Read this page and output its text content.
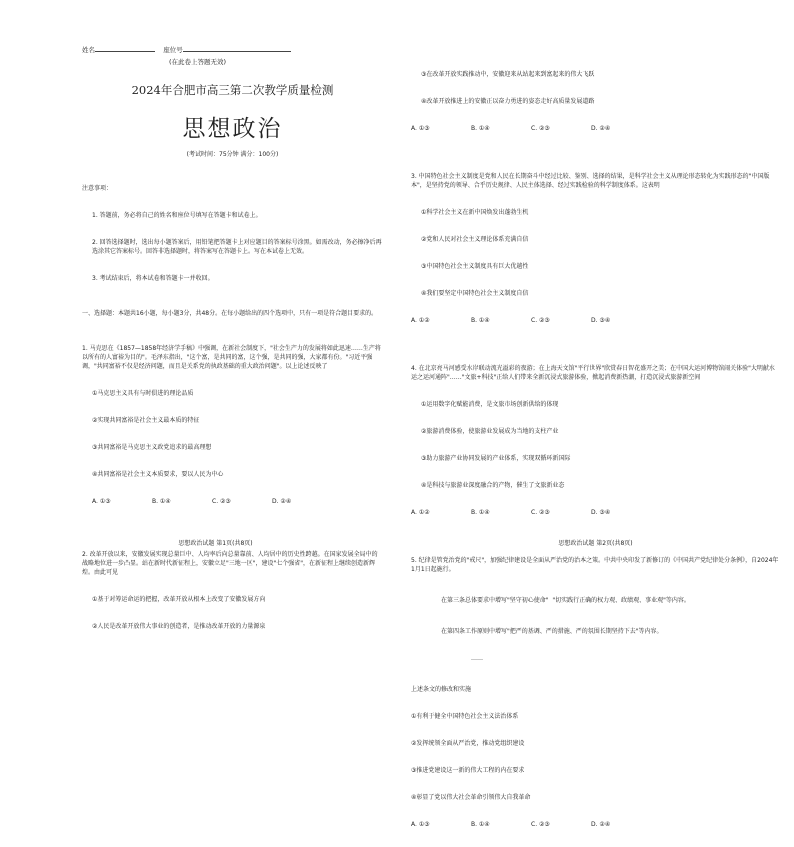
姓名	座位号
(在此卷上答题无效)
2024年合肥市高三第二次教学质量检测
思想政治
(考试时间：75分钟 满分：100分)

注意事项：

1. 答题前，务必将自己的姓名和座位号填写在答题卡和试卷上。

2. 回答选择题时，选出每小题答案后，用铅笔把答题卡上对应题目的答案标号涂黑。如需改动，务必擦净后再选涂其它答案标号。回答非选择题时，将答案写在答题卡上。写在本试卷上无效。

3. 考试结束后，将本试卷和答题卡一并收回。

一、选择题：本题共16小题，每小题3分，共48分。在每小题给出的四个选项中，只有一项是符合题目要求的。

1. 马克思在《1857—1858年经济学手稿》中强调，在新社会制度下，"社会生产力的发展将如此迅速……生产将以所有的人富裕为目的"。毛泽东指出，"这个富，是共同的富，这个强，是共同的强，大家都有份。"习近平强调，"共同富裕不仅是经济问题，而且是关系党的执政基础的重大政治问题"。以上论述反映了

①马克思主义具有与时俱进的理论品质

②实现共同富裕是社会主义最本质的特征

③共同富裕是马克思主义政党追求的最高理想

④共同富裕是社会主义本质要求，要以人民为中心

A. ①③	B. ①④	C. ②③	D. ②④

2. 改革开放以来，安徽发展实现总量巨中、人均率后向总量靠前、人均居中的历史性跨越。在国家发展全局中的战略地位进一步凸显。站在新时代新征程上，安徽立足"三地一区"，建设"七个强省"，在新征程上继续创造新辉煌。由此可见

①基于对筹运命运的把握，改革开放从根本上改变了安徽发展方向

②人民是改革开放伟大事业的创造者，是推动改革开放的力量源泉

思想政治试题 第1页(共8页)

③在改革开放实践推动中，安徽迎来从站起来到富起来的伟大飞跃

④改革开放推进上的安徽正以奋力勇进的姿态走好高质量发展道路

A. ①③	B. ①④	C. ②③	D. ②④

3. 中国特色社会主义制度是党和人民在长期奋斗中经过比较、鉴别、选择的结果，是科学社会主义从理论形态转化为实践形态的"中国版本"，是坚持党的领导、合乎历史规律、人民主体选择、经过实践检验的科学制度体系。这表明

①科学社会主义在新中国焕发出蓬勃生机

②党和人民对社会主义理论体系充满自信

③中国特色社会主义制度具有巨大优越性

④我们要坚定中国特色社会主义制度自信

A. ①②	B. ①④	C. ②③	D. ③④

4. 在北京亮马河感受水岸联动流光溢彩的夜游；在上海天文馆"平行世界"欣赏春日智花盛开之美；在中国大运河博物馆闹关体验"大明献水运之运河通阵"……"文旅+科技"正给人们带来全新沉浸式旅游体验，掀起消费新热潮，打造沉浸式旅游新空间

①运用数字化赋能消费，是文旅市场创新供给的体现

②旅游消费体验，使旅游业发展成为当地的支柱产业

③助力旅游产业协同发展的产业体系，实现双循环新国际

④是科技与旅游业深度融合的产物，催生了文旅新业态

A. ①②	B. ①④	C. ②③	D. ③④

5. 纪律是管党治党的"戒尺"，加强纪律建设是全面从严治党的治本之策。中共中央印发了新修订的《中国共产党纪律处分条例》，自2024年1月1日起施行。

在第三条总体要求中增写"坚守初心使命"  "切实践行正确的权力观、政绩观、事业观"等内容。

在第四条工作原则中增写"把严的基调、严的措施、严的氛围长期坚持下去"等内容。

……

上述条文的修改和实施

①有利于健全中国特色社会主义法治体系

②发挥统领全面从严治党，推动党组织建设

③推进党建设这一新的伟大工程的内在要求

④彰显了党以伟大社会革命引领伟大自我革命

A. ①③	B. ①④	C. ②③	D. ②④

思想政治试题 第2页(共8页)
